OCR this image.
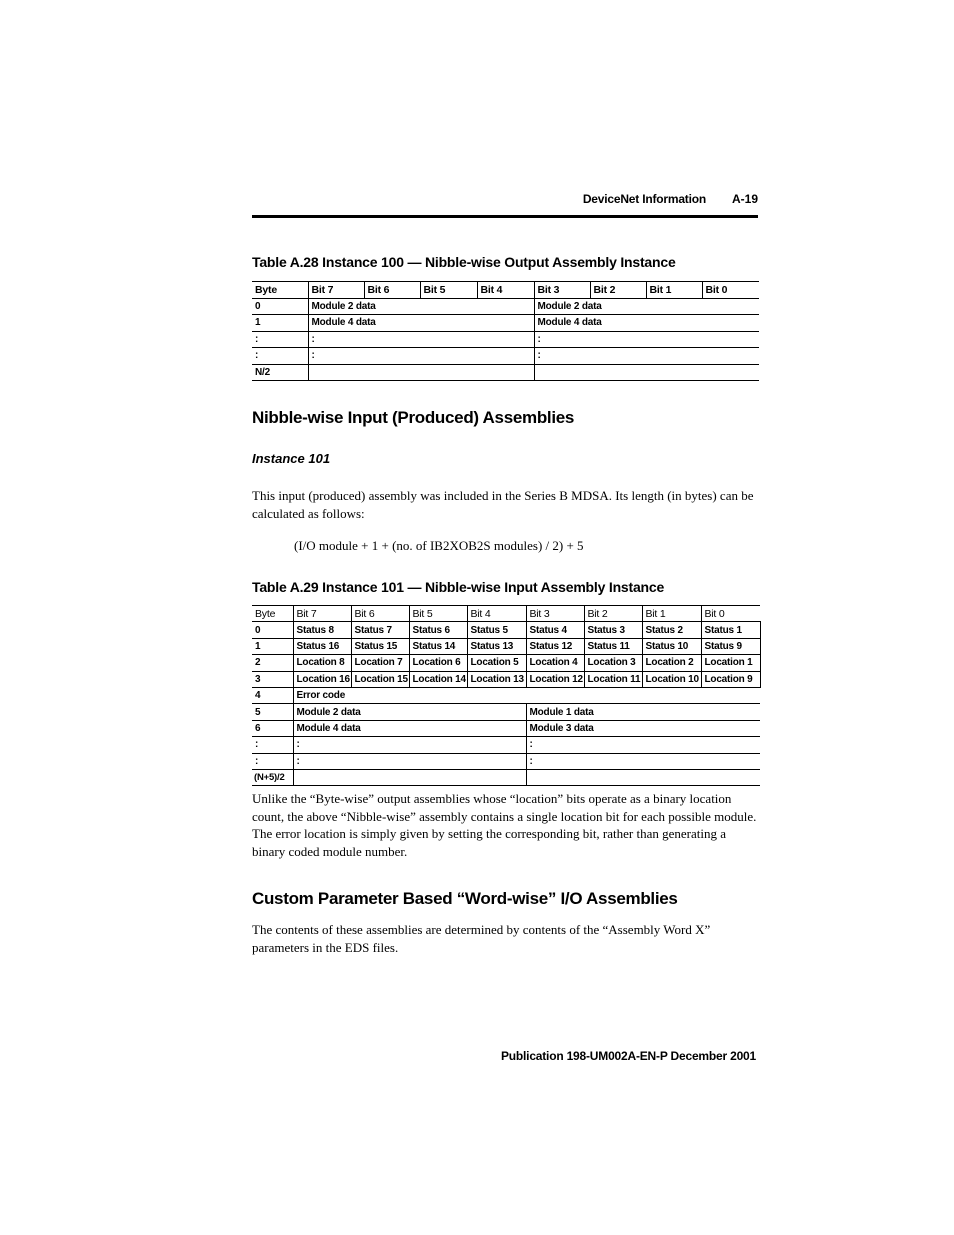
DeviceNet Information A-19
Table A.28 Instance 100 — Nibble-wise Output Assembly Instance
Byte	Bit 7	Bit 6	Bit 5	Bit 4	Bit 3	Bit 2	Bit 1	Bit 0
0	Module 2 data				Module 2 data			
1	Module 4 data				Module 4 data			
:	:				:			
:	:				:			
N/2								
Nibble-wise Input (Produced) Assemblies
Instance 101
This input (produced) assembly was included in the Series B MDSA. Its length (in bytes) can be calculated as follows:
(I/O module + 1 + (no. of IB2XOB2S modules) / 2) + 5
Table A.29 Instance 101 — Nibble-wise Input Assembly Instance
Byte	Bit 7	Bit 6	Bit 5	Bit 4	Bit 3	Bit 2	Bit 1	Bit 0
0	Status 8	Status 7	Status 6	Status 5	Status 4	Status 3	Status 2	Status 1
1	Status 16	Status 15	Status 14	Status 13	Status 12	Status 11	Status 10	Status 9
2	Location 8	Location 7	Location 6	Location 5	Location 4	Location 3	Location 2	Location 1
3	Location 16	Location 15	Location 14	Location 13	Location 12	Location 11	Location 10	Location 9
4	Error code							
5	Module 2 data				Module 1 data			
6	Module 4 data				Module 3 data			
:	:				:			
:	:				:			
(N+5)/2								
Unlike the “Byte-wise” output assemblies whose “location” bits operate as a binary location count, the above “Nibble-wise” assembly contains a single location bit for each possible module. The error location is simply given by setting the corresponding bit, rather than generating a binary coded module number.
Custom Parameter Based “Word-wise” I/O Assemblies
The contents of these assemblies are determined by contents of the “Assembly Word X” parameters in the EDS files.
Publication 198-UM002A-EN-P December 2001
